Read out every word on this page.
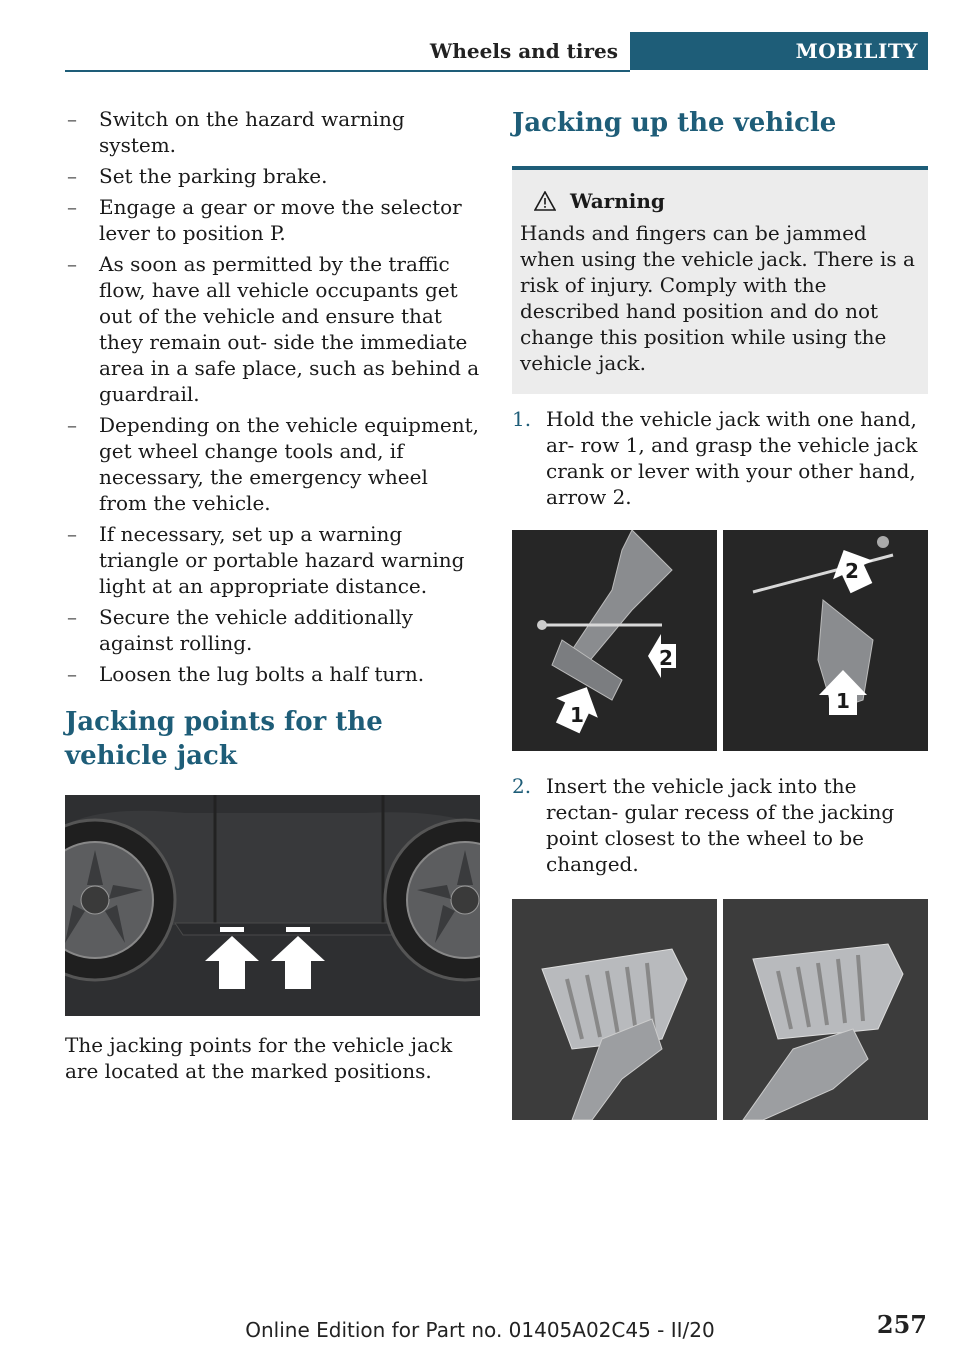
Wheels and tires	MOBILITY
– Switch on the hazard warning system.
– Set the parking brake.
– Engage a gear or move the selector lever to position P.
– As soon as permitted by the traffic flow, have all vehicle occupants get out of the vehicle and ensure that they remain out‐ side the immediate area in a safe place, such as behind a guardrail.
– Depending on the vehicle equipment, get wheel change tools and, if necessary, the emergency wheel from the vehicle.
– If necessary, set up a warning triangle or portable hazard warning light at an appropriate distance.
– Secure the vehicle additionally against rolling.
– Loosen the lug bolts a half turn.
Jacking points for the vehicle jack

The jacking points for the vehicle jack are located at the marked positions.

Jacking up the vehicle
Warning
Hands and fingers can be jammed when using the vehicle jack. There is a risk of injury. Comply with the described hand position and do not change this position while using the vehicle jack.
1. Hold the vehicle jack with one hand, ar‐ row 1, and grasp the vehicle jack crank or lever with your other hand, arrow 2.
2
1
2
1
2. Insert the vehicle jack into the rectan‐ gular recess of the jacking point closest to the wheel to be changed.
257
Online Edition for Part no. 01405A02C45 - II/20
